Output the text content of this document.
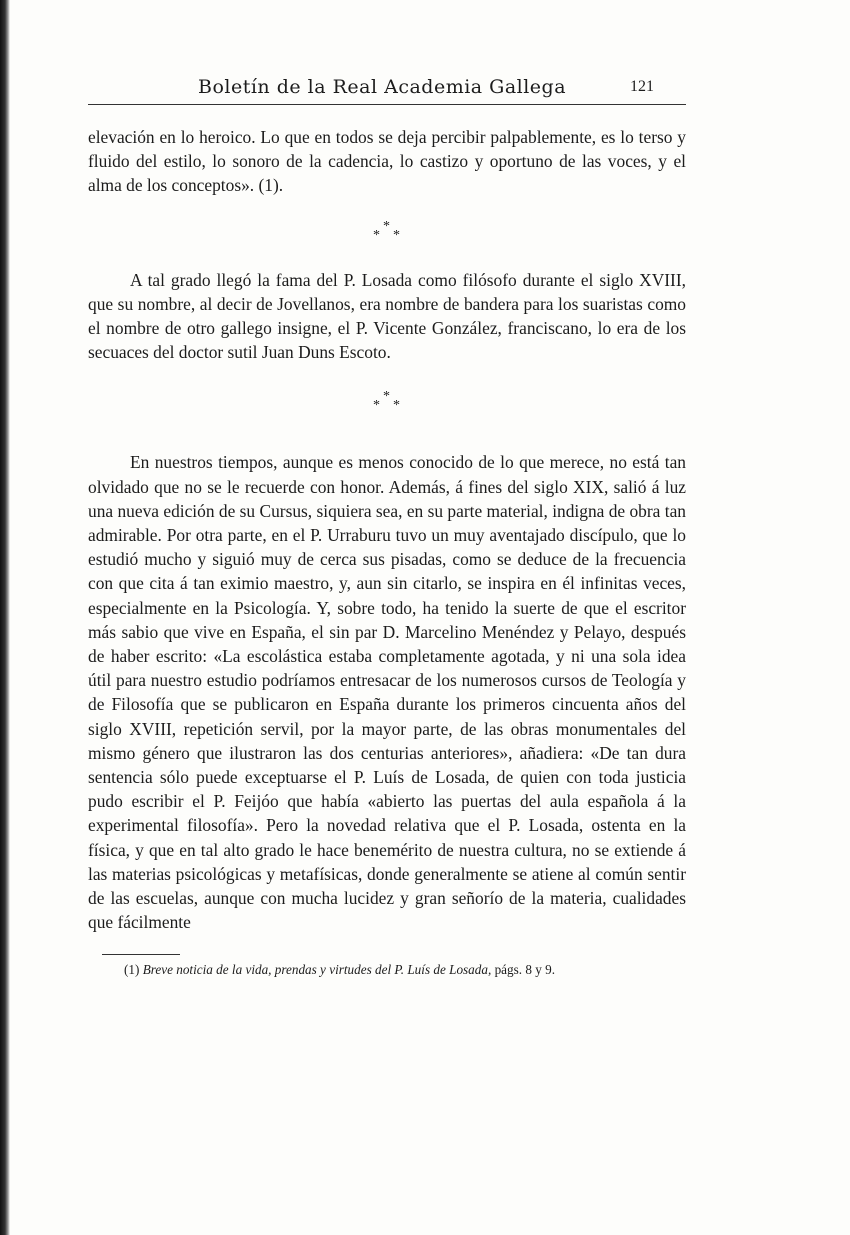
Boletín de la Real Academia Gallega	121

elevación en lo heroico. Lo que en todos se deja percibir palpablemente, es lo terso y fluido del estilo, lo sonoro de la cadencia, lo castizo y oportuno de las voces, y el alma de los conceptos». (1).

*
* *

A tal grado llegó la fama del P. Losada como filósofo durante el siglo XVIII, que su nombre, al decir de Jovellanos, era nombre de bandera para los suaristas como el nombre de otro gallego insigne, el P. Vicente González, franciscano, lo era de los secuaces del doctor sutil Juan Duns Escoto.

*
* *

En nuestros tiempos, aunque es menos conocido de lo que merece, no está tan olvidado que no se le recuerde con honor. Además, á fines del siglo XIX, salió á luz una nueva edición de su Cursus, siquiera sea, en su parte material, indigna de obra tan admirable. Por otra parte, en el P. Urraburu tuvo un muy aventajado discípulo, que lo estudió mucho y siguió muy de cerca sus pisadas, como se deduce de la frecuencia con que cita á tan eximio maestro, y, aun sin citarlo, se inspira en él infinitas veces, especialmente en la Psicología. Y, sobre todo, ha tenido la suerte de que el escritor más sabio que vive en España, el sin par D. Marcelino Menéndez y Pelayo, después de haber escrito: «La escolástica estaba completamente agotada, y ni una sola idea útil para nuestro estudio podríamos entresacar de los numerosos cursos de Teología y de Filosofía que se publicaron en España durante los primeros cincuenta años del siglo XVIII, repetición servil, por la mayor parte, de las obras monumentales del mismo género que ilustraron las dos centurias anteriores», añadiera: «De tan dura sentencia sólo puede exceptuarse el P. Luís de Losada, de quien con toda justicia pudo escribir el P. Feijóo que había «abierto las puertas del aula española á la experimental filosofía». Pero la novedad relativa que el P. Losada, ostenta en la física, y que en tal alto grado le hace benemérito de nuestra cultura, no se extiende á las materias psicológicas y metafísicas, donde generalmente se atiene al común sentir de las escuelas, aunque con mucha lucidez y gran señorío de la materia, cualidades que fácilmente

(1) Breve noticia de la vida, prendas y virtudes del P. Luís de Losada, págs. 8 y 9.
